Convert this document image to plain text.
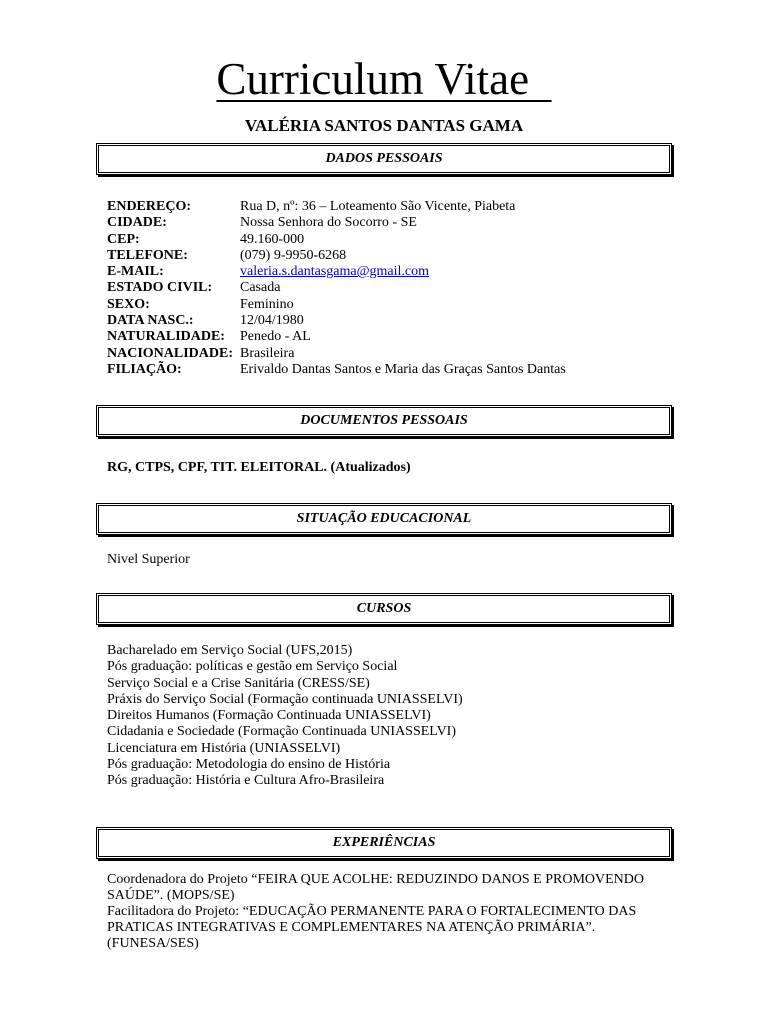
Curriculum Vitae
VALÉRIA SANTOS DANTAS GAMA
DADOS PESSOAIS
ENDEREÇO:	Rua D, nº: 36 – Loteamento São Vicente, Piabeta
CIDADE:	Nossa Senhora do Socorro - SE
CEP:	49.160-000
TELEFONE:	(079) 9-9950-6268
E-MAIL:	valeria.s.dantasgama@gmail.com
ESTADO CIVIL:	Casada
SEXO:	Feminino
DATA NASC.:	12/04/1980
NATURALIDADE:	Penedo - AL
NACIONALIDADE: Brasileira
FILIAÇÃO:	Erivaldo Dantas Santos e Maria das Graças Santos Dantas
DOCUMENTOS PESSOAIS
RG, CTPS, CPF, TIT. ELEITORAL. (Atualizados)
SITUAÇÃO EDUCACIONAL
Nivel Superior
CURSOS
Bacharelado em Serviço Social (UFS,2015)
Pós graduação: políticas e gestão em Serviço Social
Serviço Social e a Crise Sanitária (CRESS/SE)
Práxis do Serviço Social (Formação continuada UNIASSELVI)
Direitos Humanos (Formação Continuada UNIASSELVI)
Cidadania e Sociedade (Formação Continuada UNIASSELVI)
Licenciatura em História (UNIASSELVI)
Pós graduação: Metodologia do ensino de História
Pós graduação: História e Cultura Afro-Brasileira
EXPERIÊNCIAS
Coordenadora do Projeto “FEIRA QUE ACOLHE: REDUZINDO DANOS E PROMOVENDO SAÚDE”. (MOPS/SE)
Facilitadora do Projeto: “EDUCAÇÃO PERMANENTE PARA O FORTALECIMENTO DAS PRATICAS INTEGRATIVAS E COMPLEMENTARES NA ATENÇÃO PRIMÁRIA”. (FUNESA/SES)
